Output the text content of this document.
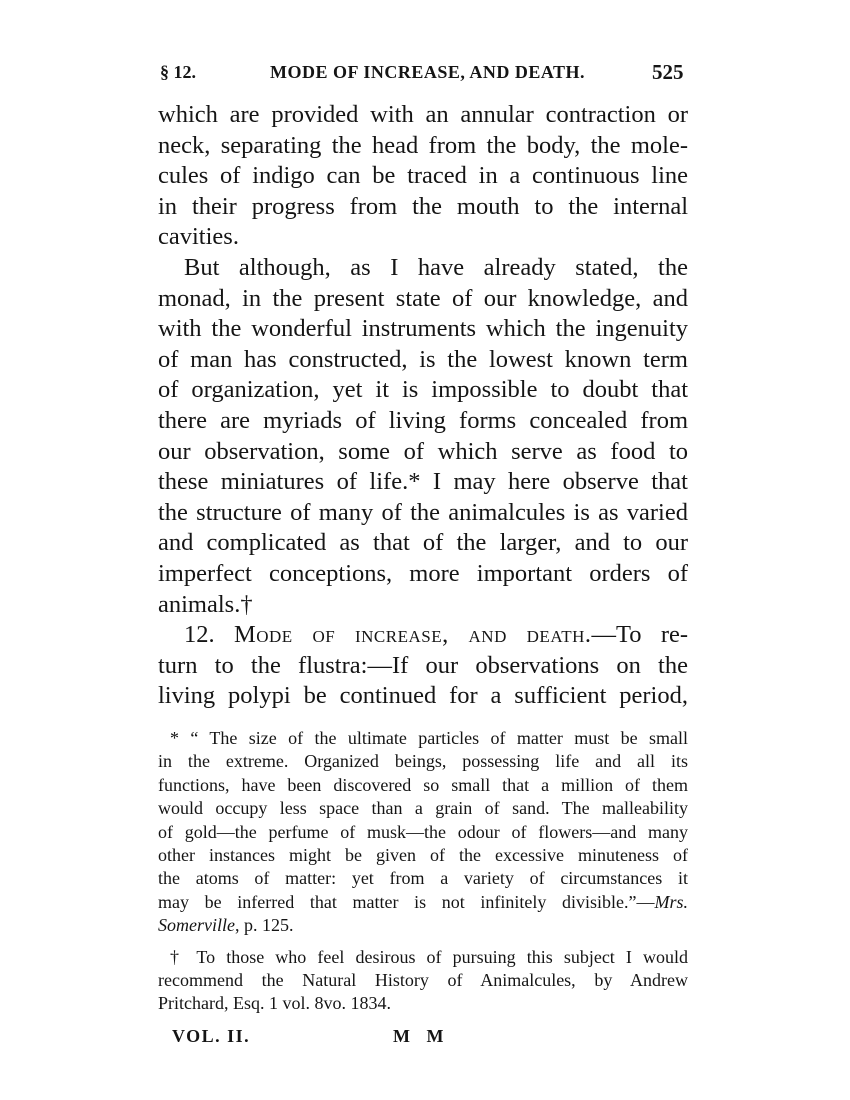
§ 12.	MODE OF INCREASE, AND DEATH.	525
which are provided with an annular contraction or
neck, separating the head from the body, the mole-
cules of indigo can be traced in a continuous line
in their progress from the mouth to the internal
cavities.
But although, as I have already stated, the
monad, in the present state of our knowledge, and
with the wonderful instruments which the ingenuity
of man has constructed, is the lowest known term
of organization, yet it is impossible to doubt that
there are myriads of living forms concealed from
our observation, some of which serve as food to
these miniatures of life.* I may here observe that
the structure of many of the animalcules is as varied
and complicated as that of the larger, and to our
imperfect conceptions, more important orders of
animals.†
12. Mode of increase, and death.—To re-
turn to the flustra:—If our observations on the
living polypi be continued for a sufficient period,
* “ The size of the ultimate particles of matter must be small
in the extreme. Organized beings, possessing life and all its
functions, have been discovered so small that a million of them
would occupy less space than a grain of sand. The malleability
of gold—the perfume of musk—the odour of flowers—and many
other instances might be given of the excessive minuteness of
the atoms of matter: yet from a variety of circumstances it
may be inferred that matter is not infinitely divisible.”—Mrs.
Somerville, p. 125.
† To those who feel desirous of pursuing this subject I would
recommend the Natural History of Animalcules, by Andrew
Pritchard, Esq. 1 vol. 8vo. 1834.
VOL. II.	M M
